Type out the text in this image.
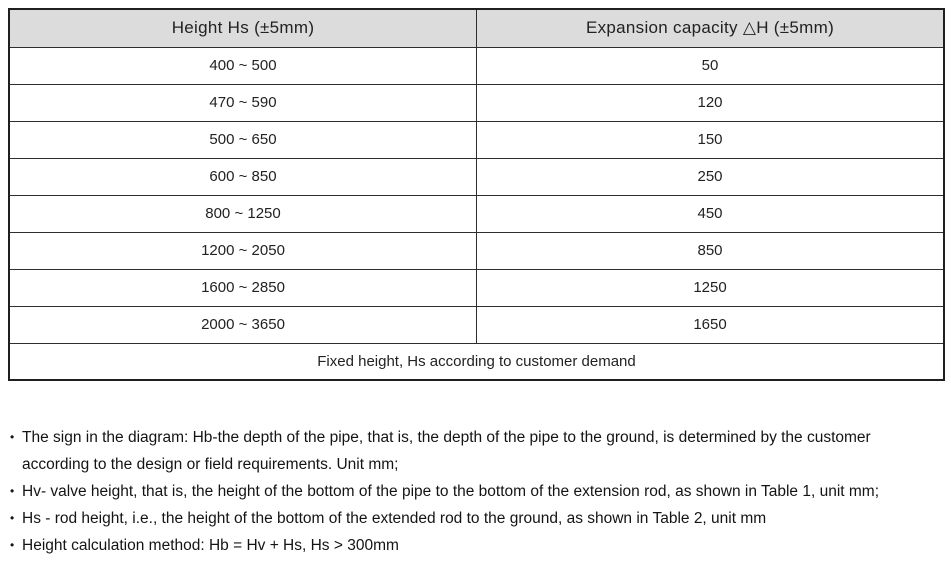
Height Hs (±5mm)	Expansion capacity △H (±5mm)
400 ~ 500	50
470 ~ 590	120
500 ~ 650	150
600 ~ 850	250
800 ~ 1250	450
1200 ~ 2050	850
1600 ~ 2850	1250
2000 ~ 3650	1650
Fixed height, Hs according to customer demand	
• The sign in the diagram: Hb-the depth of the pipe, that is, the depth of the pipe to the ground, is determined by the customer according to the design or field requirements. Unit mm;
• Hv- valve height, that is, the height of the bottom of the pipe to the bottom of the extension rod, as shown in Table 1, unit mm;
• Hs - rod height, i.e., the height of the bottom of the extended rod to the ground, as shown in Table 2, unit mm
• Height calculation method: Hb = Hv + Hs, Hs > 300mm
